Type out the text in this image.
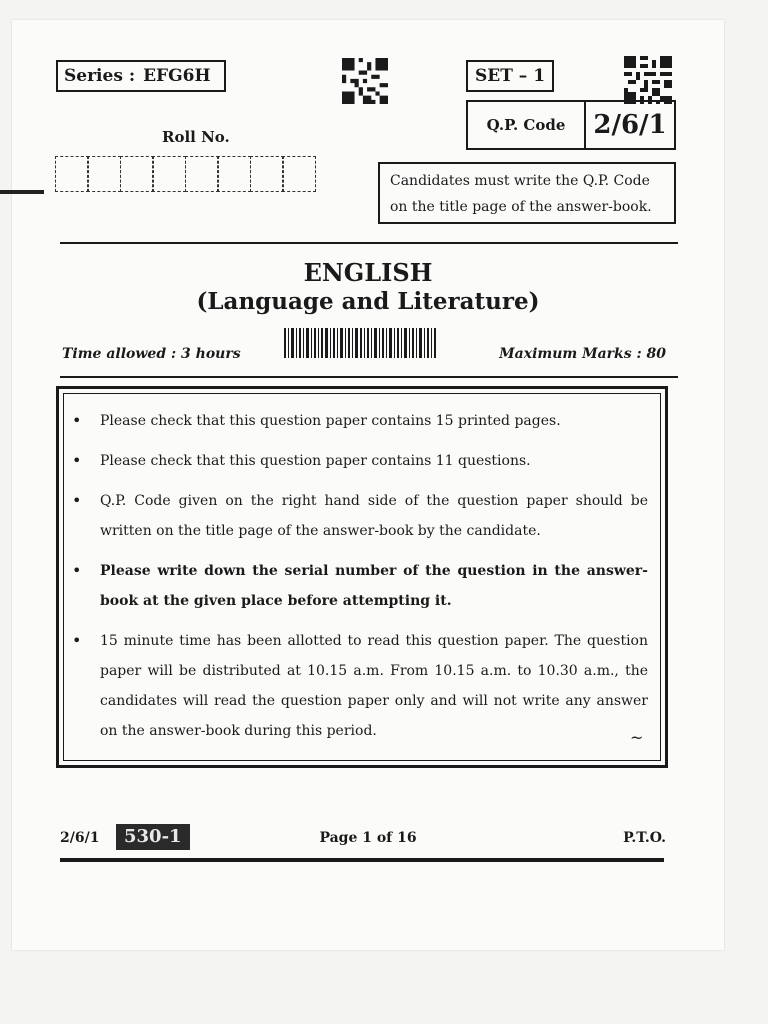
Series : EFG6H	SET – 1
Q.P. Code	2/6/1
Roll No.
Candidates must write the Q.P. Code on the title page of the answer-book.
ENGLISH
(Language and Literature)
Time allowed : 3 hours	Maximum Marks : 80
•	Please check that this question paper contains 15 printed pages.
•	Please check that this question paper contains 11 questions.
•	Q.P. Code given on the right hand side of the question paper should be written on the title page of the answer-book by the candidate.
•	Please write down the serial number of the question in the answer-book at the given place before attempting it.
•	15 minute time has been allotted to read this question paper. The question paper will be distributed at 10.15 a.m. From 10.15 a.m. to 10.30 a.m., the candidates will read the question paper only and will not write any answer on the answer-book during this period.	~
2/6/1	530-1	Page 1 of 16	P.T.O.
